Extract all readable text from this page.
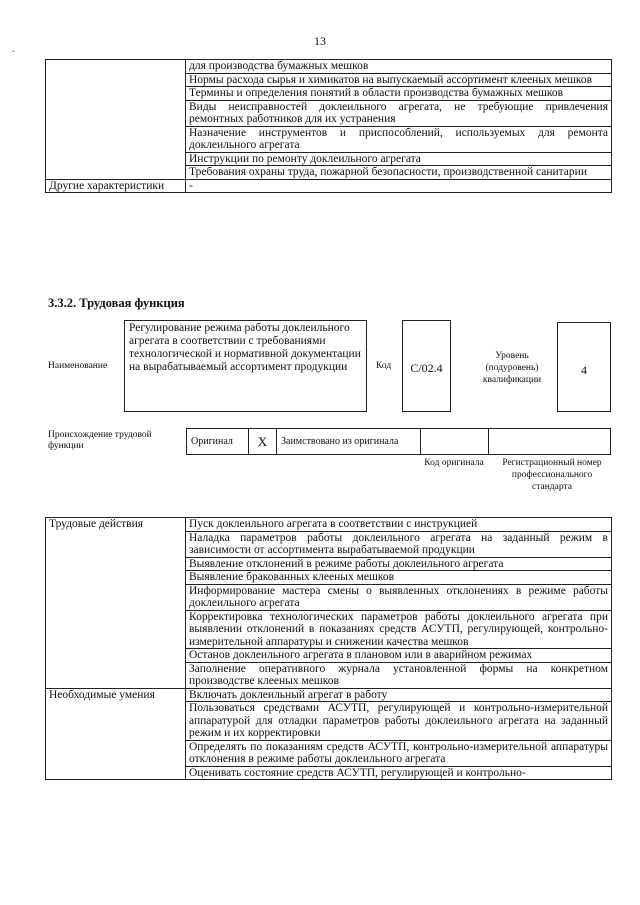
13
.
	для производства бумажных мешков
	Нормы расхода сырья и химикатов на выпускаемый ассортимент клееных мешков
	Термины и определения понятий в области производства бумажных мешков
	Виды неисправностей доклеильного агрегата, не требующие привлечения ремонтных работников для их устранения
	Назначение инструментов и приспособлений, используемых для ремонта доклеильного агрегата
	Инструкции по ремонту доклеильного агрегата
	Требования охраны труда, пожарной безопасности, производственной санитарии
Другие характеристики	-
3.3.2. Трудовая функция
Наименование
Регулирование режима работы доклеильного агрегата в соответствии с требованиями технологической и нормативной документации на вырабатываемый ассортимент продукции	Код	C/02.4
Уровень (подуровень) квалификации
4
Происхождение трудовой функции	Оригинал	X	Заимствовано из оригинала		
Код оригинала	Регистрационный номер профессионального стандарта
Трудовые действия	Пуск доклеильного агрегата в соответствии с инструкцией
	Наладка параметров работы доклеильного агрегата на заданный режим в зависимости от ассортимента вырабатываемой продукции
	Выявление отклонений в режиме работы доклеильного агрегата
	Выявление бракованных клееных мешков
	Информирование мастера смены о выявленных отклонениях в режиме работы доклеильного агрегата
	Корректировка технологических параметров работы доклеильного агрегата при выявлении отклонений в показаниях средств АСУТП, регулирующей, контрольно-измерительной аппаратуры и снижении качества мешков
	Останов доклеильного агрегата в плановом или в аварийном режимах
	Заполнение оперативного журнала установленной формы на конкретном производстве клееных мешков
Необходимые умения	Включать доклеильный агрегат в работу
	Пользоваться средствами АСУТП, регулирующей и контрольно-измерительной аппаратурой для отладки параметров работы доклеильного агрегата на заданный режим и их корректировки
	Определять по показаниям средств АСУТП, контрольно-измерительной аппаратуры отклонения в режиме работы доклеильного агрегата
	Оценивать состояние средств АСУТП, регулирующей и контрольно-
